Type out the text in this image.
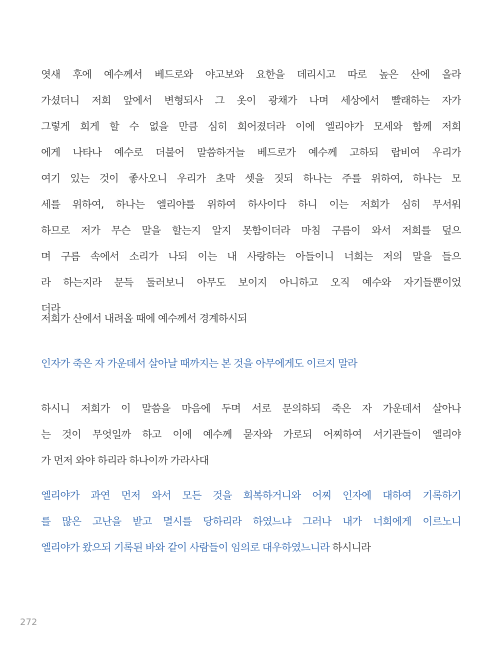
엿새 후에 예수께서 베드로와 야고보와 요한을 데리시고 따로 높은 산에 올라
가셨더니 저희 앞에서 변형되사 그 옷이 광채가 나며 세상에서 빨래하는 자가
그렇게 희게 할 수 없을 만큼 심히 희어졌더라 이에 엘리야가 모세와 함께 저희
에게 나타나 예수로 더불어 말씀하거늘 베드로가 예수께 고하되 랍비여 우리가
여기 있는 것이 좋사오니 우리가 초막 셋을 짓되 하나는 주를 위하여, 하나는 모
세를 위하여, 하나는 엘리야를 위하여 하사이다 하니 이는 저희가 심히 무서워
하므로 저가 무슨 말을 할는지 알지 못함이더라 마침 구름이 와서 저희를 덮으
며 구름 속에서 소리가 나되 이는 내 사랑하는 아들이니 너희는 저의 말을 들으
라 하는지라 문득 둘러보니 아무도 보이지 아니하고 오직 예수와 자기들뿐이었
더라
저희가 산에서 내려올 때에 예수께서 경계하시되
인자가 죽은 자 가운데서 살아날 때까지는 본 것을 아무에게도 이르지 말라
하시니 저희가 이 말씀을 마음에 두며 서로 문의하되 죽은 자 가운데서 살아나
는 것이 무엇일까 하고 이에 예수께 묻자와 가로되 어찌하여 서기관들이 엘리야
가 먼저 와야 하리라 하나이까 가라사대
엘리야가 과연 먼저 와서 모든 것을 회복하거니와 어찌 인자에 대하여 기록하기
를 많은 고난을 받고 멸시를 당하리라 하였느냐 그러나 내가 너희에게 이르노니
엘리야가 왔으되 기록된 바와 같이 사람들이 임의로 대우하였느니라 하시니라
272
